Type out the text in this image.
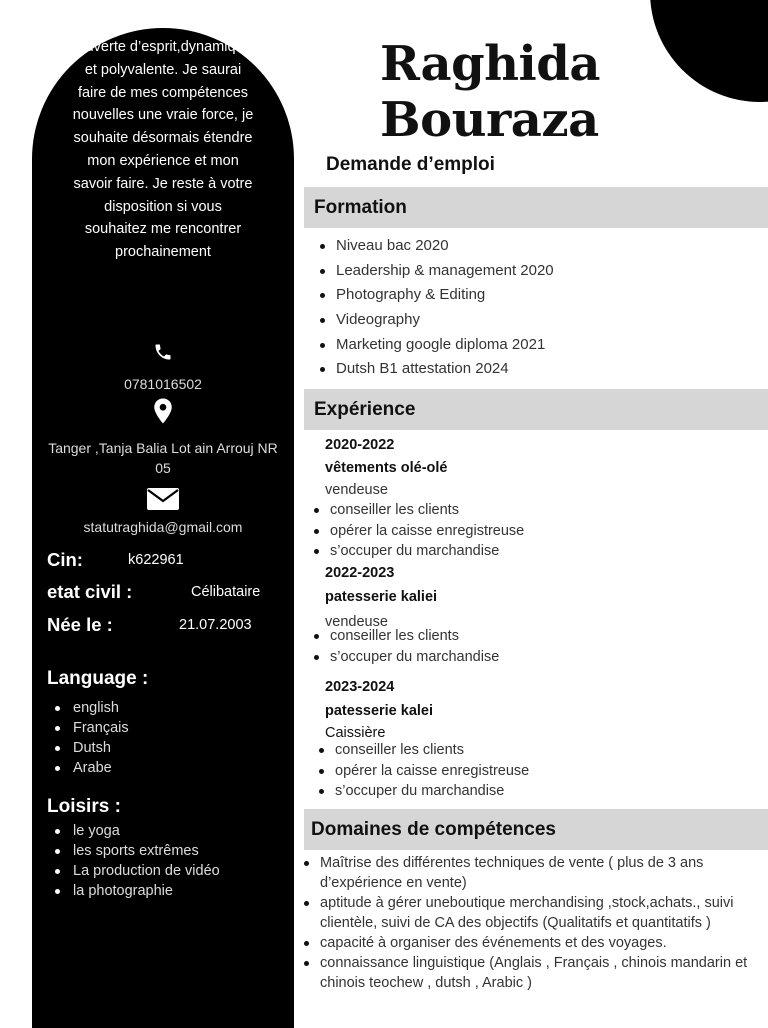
Ouverte d’esprit,dynamique et polyvalente. Je saurai faire de mes compétences nouvelles une vraie force, je souhaite désormais étendre mon expérience et mon savoir faire. Je reste à votre disposition si vous souhaitez me rencontrer prochainement
0781016502
Tanger ,Tanja Balia Lot ain Arrouj NR 05
statutraghida@gmail.com
Cin:	k622961
etat civil :	Célibataire
Née le :	21.07.2003
Language :
english
Français
Dutsh
Arabe
Loisirs :
le yoga
les sports extrêmes
La production de vidéo
la photographie
Raghida
Bouraza
Demande d’emploi
Formation
Niveau bac 2020
Leadership & management 2020
Photography & Editing
Videography
Marketing google diploma 2021
Dutsh B1 attestation 2024
Expérience
2020-2022
vêtements olé-olé
vendeuse
conseiller les clients
opérer la caisse enregistreuse
s’occuper du marchandise
2022-2023
patesserie kaliei
vendeuse
conseiller les clients
s’occuper du marchandise
2023-2024
patesserie kalei
Caissière
conseiller les clients
opérer la caisse enregistreuse
s’occuper du marchandise
Domaines de compétences
Maîtrise des différentes techniques de vente ( plus de 3 ans d’expérience en vente)
aptitude à gérer uneboutique merchandising ,stock,achats., suivi clientèle, suivi de CA des objectifs (Qualitatifs et quantitatifs )
capacité à organiser des événements et des voyages.
connaissance linguistique (Anglais , Français , chinois mandarin et chinois teochew , dutsh , Arabic )
